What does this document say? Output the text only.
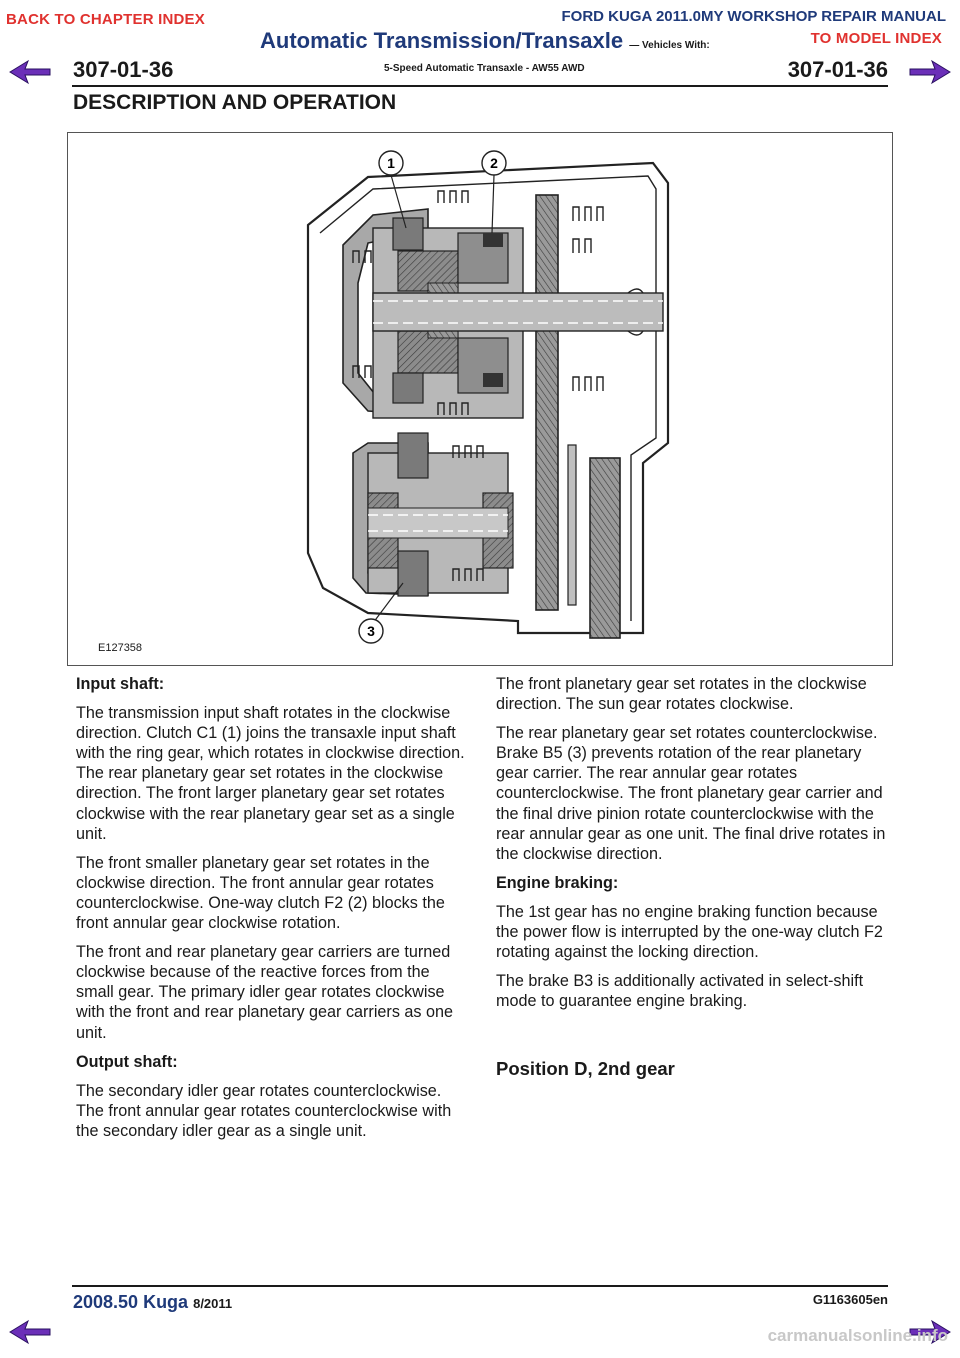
BACK TO CHAPTER INDEX	FORD KUGA 2011.0MY WORKSHOP REPAIR MANUAL
TO MODEL INDEX
Automatic Transmission/Transaxle — Vehicles With:
5-Speed Automatic Transaxle - AW55 AWD
307-01-36	307-01-36
DESCRIPTION AND OPERATION
1	2
3
E127358
Input shaft:

The transmission input shaft rotates in the clockwise direction. Clutch C1 (1) joins the transaxle input shaft with the ring gear, which rotates in clockwise direction. The rear planetary gear set rotates in the clockwise direction. The front larger planetary gear set rotates clockwise with the rear planetary gear set as a single unit.

The front smaller planetary gear set rotates in the clockwise direction. The front annular gear rotates counterclockwise. One-way clutch F2 (2) blocks the front annular gear clockwise rotation.

The front and rear planetary gear carriers are turned clockwise because of the reactive forces from the small gear. The primary idler gear rotates clockwise with the front and rear planetary gear carriers as one unit.

Output shaft:

The secondary idler gear rotates counterclockwise. The front annular gear rotates counterclockwise with the secondary idler gear as a single unit.

The front planetary gear set rotates in the clockwise direction. The sun gear rotates clockwise.

The rear planetary gear set rotates counterclockwise. Brake B5 (3) prevents rotation of the rear planetary gear carrier. The rear annular gear rotates counterclockwise. The front planetary gear carrier and the final drive pinion rotate counterclockwise with the rear annular gear as one unit. The final drive rotates in the clockwise direction.

Engine braking:

The 1st gear has no engine braking function because the power flow is interrupted by the one-way clutch F2 rotating against the locking direction.

The brake B3 is additionally activated in select-shift mode to guarantee engine braking.

Position D, 2nd gear
2008.50 Kuga 8/2011	G1163605en
carmanualsonline.info
